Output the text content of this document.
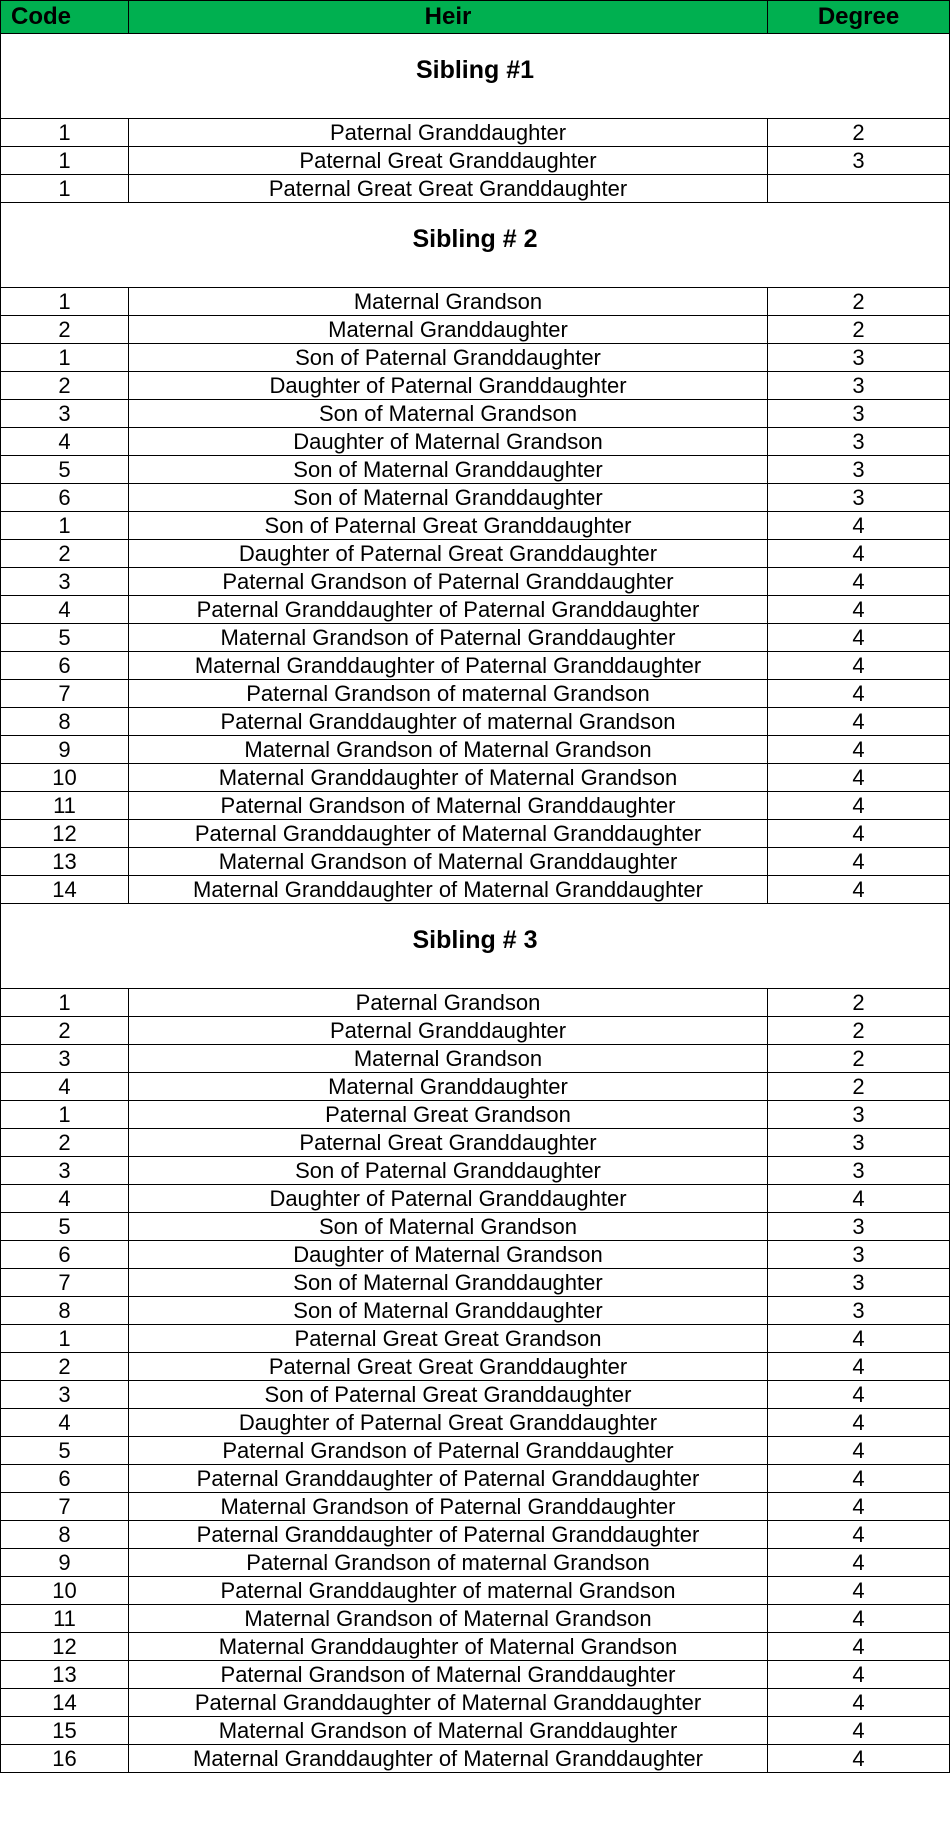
Code	Heir	Degree
Sibling #1		
1	Paternal Granddaughter	2
1	Paternal Great Granddaughter	3
1	Paternal Great Great Granddaughter	
Sibling # 2		
1	Maternal Grandson	2
2	Maternal Granddaughter	2
1	Son of Paternal Granddaughter	3
2	Daughter of Paternal Granddaughter	3
3	Son of Maternal Grandson	3
4	Daughter of Maternal Grandson	3
5	Son of Maternal Granddaughter	3
6	Son of Maternal Granddaughter	3
1	Son of Paternal Great Granddaughter	4
2	Daughter of Paternal Great Granddaughter	4
3	Paternal Grandson of Paternal Granddaughter	4
4	Paternal Granddaughter of Paternal Granddaughter	4
5	Maternal Grandson of Paternal Granddaughter	4
6	Maternal Granddaughter of Paternal Granddaughter	4
7	Paternal Grandson of maternal Grandson	4
8	Paternal Granddaughter of maternal Grandson	4
9	Maternal Grandson of Maternal Grandson	4
10	Maternal Granddaughter of Maternal Grandson	4
11	Paternal Grandson of Maternal Granddaughter	4
12	Paternal Granddaughter of Maternal Granddaughter	4
13	Maternal Grandson of Maternal Granddaughter	4
14	Maternal Granddaughter of Maternal Granddaughter	4
Sibling # 3		
1	Paternal Grandson	2
2	Paternal Granddaughter	2
3	Maternal Grandson	2
4	Maternal Granddaughter	2
1	Paternal Great Grandson	3
2	Paternal Great Granddaughter	3
3	Son of Paternal Granddaughter	3
4	Daughter of Paternal Granddaughter	4
5	Son of Maternal Grandson	3
6	Daughter of Maternal Grandson	3
7	Son of Maternal Granddaughter	3
8	Son of Maternal Granddaughter	3
1	Paternal Great Great Grandson	4
2	Paternal Great Great Granddaughter	4
3	Son of Paternal Great Granddaughter	4
4	Daughter of Paternal Great Granddaughter	4
5	Paternal Grandson of Paternal Granddaughter	4
6	Paternal Granddaughter of Paternal Granddaughter	4
7	Maternal Grandson of Paternal Granddaughter	4
8	Paternal Granddaughter of Paternal Granddaughter	4
9	Paternal Grandson of maternal Grandson	4
10	Paternal Granddaughter of maternal Grandson	4
11	Maternal Grandson of Maternal Grandson	4
12	Maternal Granddaughter of Maternal Grandson	4
13	Paternal Grandson of Maternal Granddaughter	4
14	Paternal Granddaughter of Maternal Granddaughter	4
15	Maternal Grandson of Maternal Granddaughter	4
16	Maternal Granddaughter of Maternal Granddaughter	4
